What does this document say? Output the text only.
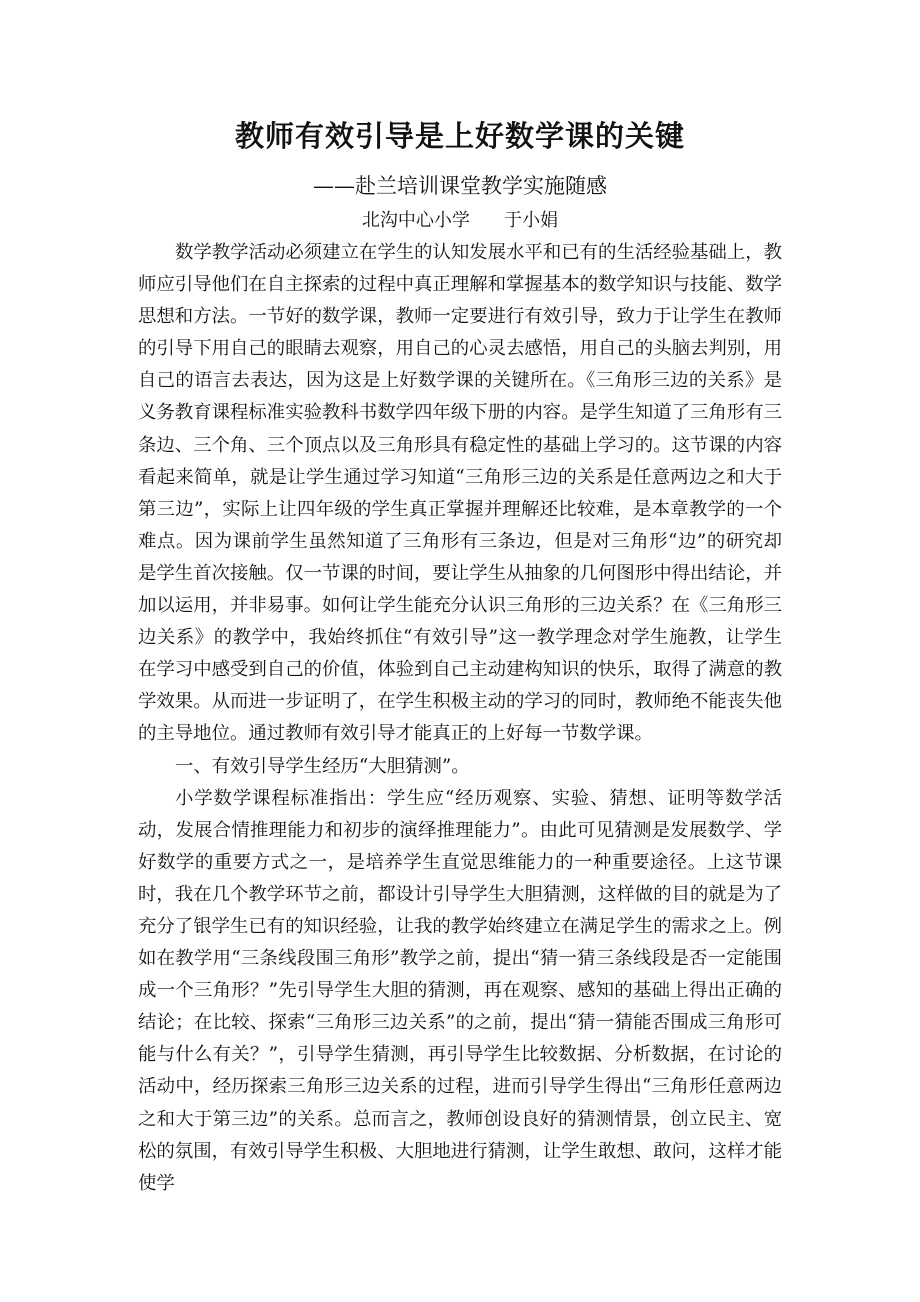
教师有效引导是上好数学课的关键
——赴兰培训课堂教学实施随感
北沟中心小学      于小娟

数学教学活动必须建立在学生的认知发展水平和已有的生活经验基础上，教师应引导他们在自主探索的过程中真正理解和掌握基本的数学知识与技能、数学思想和方法。一节好的数学课，教师一定要进行有效引导，致力于让学生在教师的引导下用自己的眼睛去观察，用自己的心灵去感悟，用自己的头脑去判别，用自己的语言去表达，因为这是上好数学课的关键所在。《三角形三边的关系》是义务教育课程标准实验教科书数学四年级下册的内容。是学生知道了三角形有三条边、三个角、三个顶点以及三角形具有稳定性的基础上学习的。这节课的内容看起来简单，就是让学生通过学习知道“三角形三边的关系是任意两边之和大于第三边”，实际上让四年级的学生真正掌握并理解还比较难，是本章教学的一个难点。因为课前学生虽然知道了三角形有三条边，但是对三角形“边”的研究却是学生首次接触。仅一节课的时间，要让学生从抽象的几何图形中得出结论，并加以运用，并非易事。如何让学生能充分认识三角形的三边关系？在《三角形三边关系》的教学中，我始终抓住“有效引导”这一教学理念对学生施教，让学生在学习中感受到自己的价值，体验到自己主动建构知识的快乐，取得了满意的教学效果。从而进一步证明了，在学生积极主动的学习的同时，教师绝不能丧失他的主导地位。通过教师有效引导才能真正的上好每一节数学课。

一、有效引导学生经历“大胆猜测”。

小学数学课程标准指出：学生应“经历观察、实验、猜想、证明等数学活动，发展合情推理能力和初步的演绎推理能力”。由此可见猜测是发展数学、学好数学的重要方式之一，是培养学生直觉思维能力的一种重要途径。上这节课时，我在几个教学环节之前，都设计引导学生大胆猜测，这样做的目的就是为了充分了银学生已有的知识经验，让我的教学始终建立在满足学生的需求之上。例如在教学用“三条线段围三角形”教学之前，提出“猜一猜三条线段是否一定能围成一个三角形？”先引导学生大胆的猜测，再在观察、感知的基础上得出正确的结论；在比较、探索“三角形三边关系”的之前，提出“猜一猜能否围成三角形可能与什么有关？”，引导学生猜测，再引导学生比较数据、分析数据，在讨论的活动中，经历探索三角形三边关系的过程，进而引导学生得出“三角形任意两边之和大于第三边”的关系。总而言之，教师创设良好的猜测情景，创立民主、宽松的氛围，有效引导学生积极、大胆地进行猜测，让学生敢想、敢问，这样才能使学
